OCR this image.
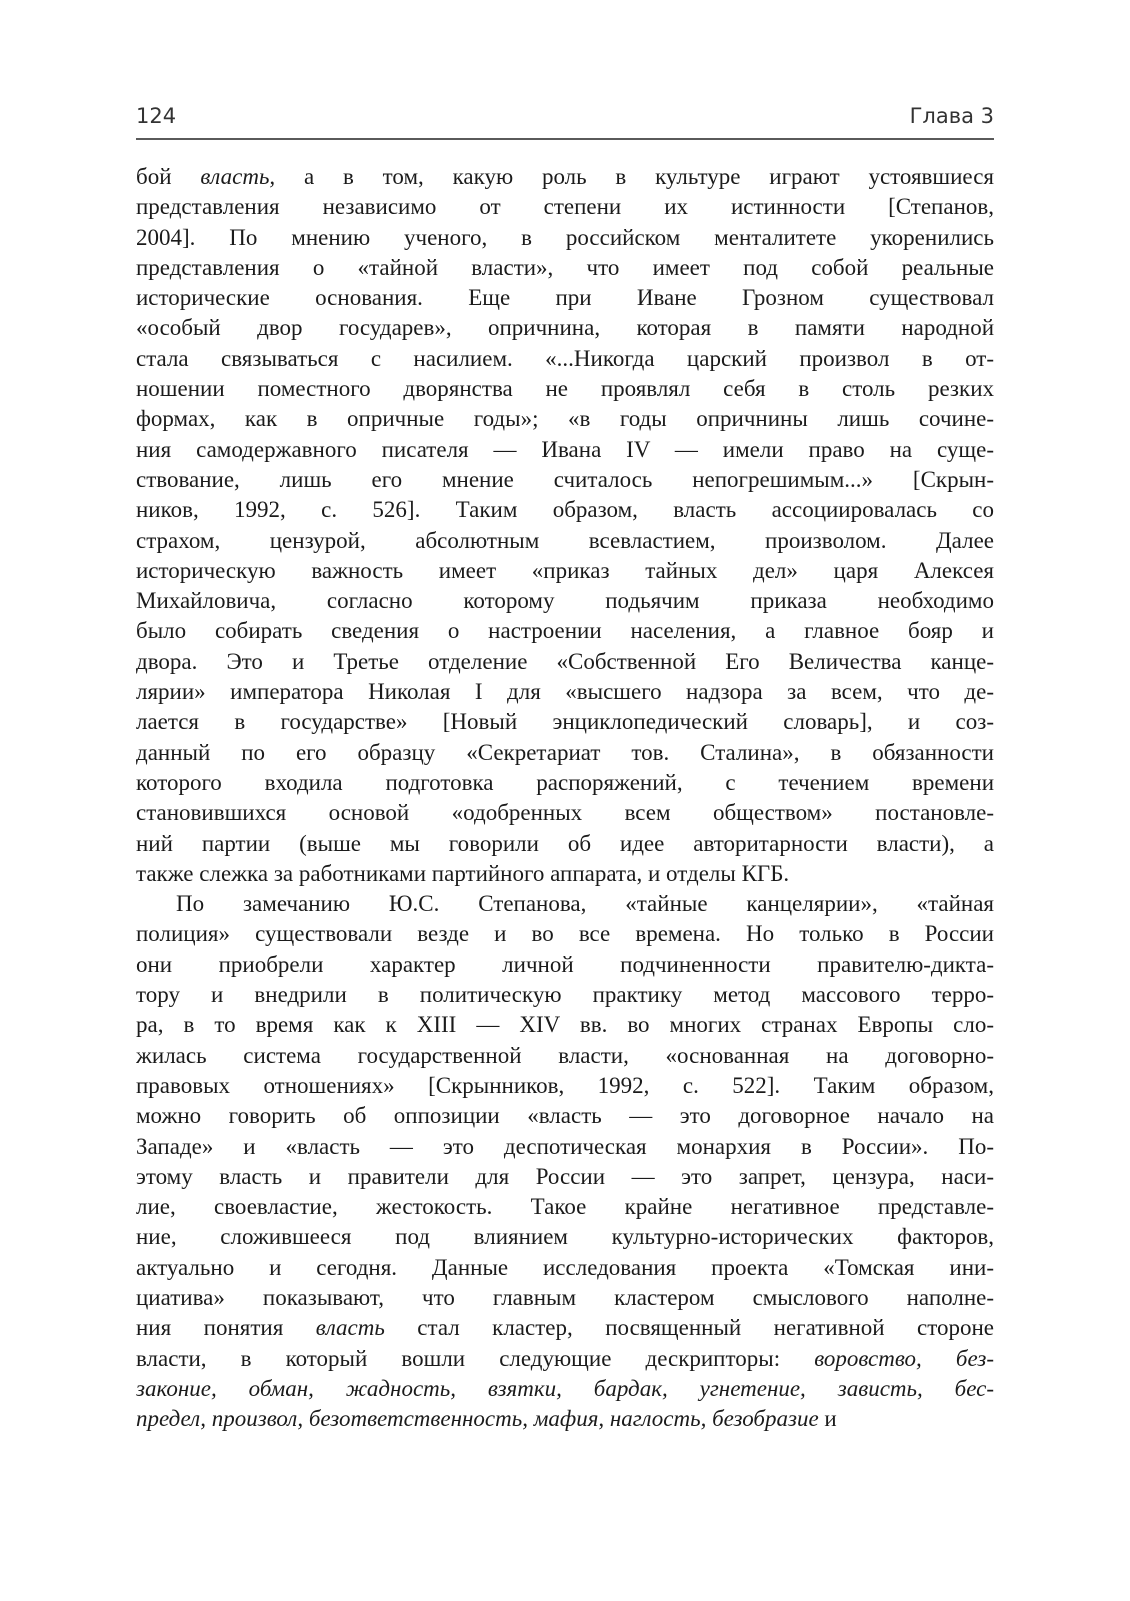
124	Глава 3
бой власть, а в том, какую роль в культуре играют устоявшиеся
представления независимо от степени их истинности [Степанов,
2004]. По мнению ученого, в российском менталитете укоренились
представления о «тайной власти», что имеет под собой реальные
исторические основания. Еще при Иване Грозном существовал
«особый двор государев», опричнина, которая в памяти народной
стала связываться с насилием. «...Никогда царский произвол в от-
ношении поместного дворянства не проявлял себя в столь резких
формах, как в опричные годы»; «в годы опричнины лишь сочине-
ния самодержавного писателя — Ивана IV — имели право на суще-
ствование, лишь его мнение считалось непогрешимым...» [Скрын-
ников, 1992, с. 526]. Таким образом, власть ассоциировалась со
страхом, цензурой, абсолютным всевластием, произволом. Далее
историческую важность имеет «приказ тайных дел» царя Алексея
Михайловича, согласно которому подьячим приказа необходимо
было собирать сведения о настроении населения, а главное бояр и
двора. Это и Третье отделение «Собственной Его Величества канце-
лярии» императора Николая I для «высшего надзора за всем, что де-
лается в государстве» [Новый энциклопедический словарь], и соз-
данный по его образцу «Секретариат тов. Сталина», в обязанности
которого входила подготовка распоряжений, с течением времени
становившихся основой «одобренных всем обществом» постановле-
ний партии (выше мы говорили об идее авторитарности власти), а
также слежка за работниками партийного аппарата, и отделы КГБ.
По замечанию Ю.С. Степанова, «тайные канцелярии», «тайная
полиция» существовали везде и во все времена. Но только в России
они приобрели характер личной подчиненности правителю-дикта-
тору и внедрили в политическую практику метод массового терро-
ра, в то время как к XIII — XIV вв. во многих странах Европы сло-
жилась система государственной власти, «основанная на договорно-
правовых отношениях» [Скрынников, 1992, с. 522]. Таким образом,
можно говорить об оппозиции «власть — это договорное начало на
Западе» и «власть — это деспотическая монархия в России». По-
этому власть и правители для России — это запрет, цензура, наси-
лие, своевластие, жестокость. Такое крайне негативное представле-
ние, сложившееся под влиянием культурно-исторических факторов,
актуально и сегодня. Данные исследования проекта «Томская ини-
циатива» показывают, что главным кластером смыслового наполне-
ния понятия власть стал кластер, посвященный негативной стороне
власти, в который вошли следующие дескрипторы: воровство, без-
законие, обман, жадность, взятки, бардак, угнетение, зависть, бес-
предел, произвол, безответственность, мафия, наглость, безобразие и
